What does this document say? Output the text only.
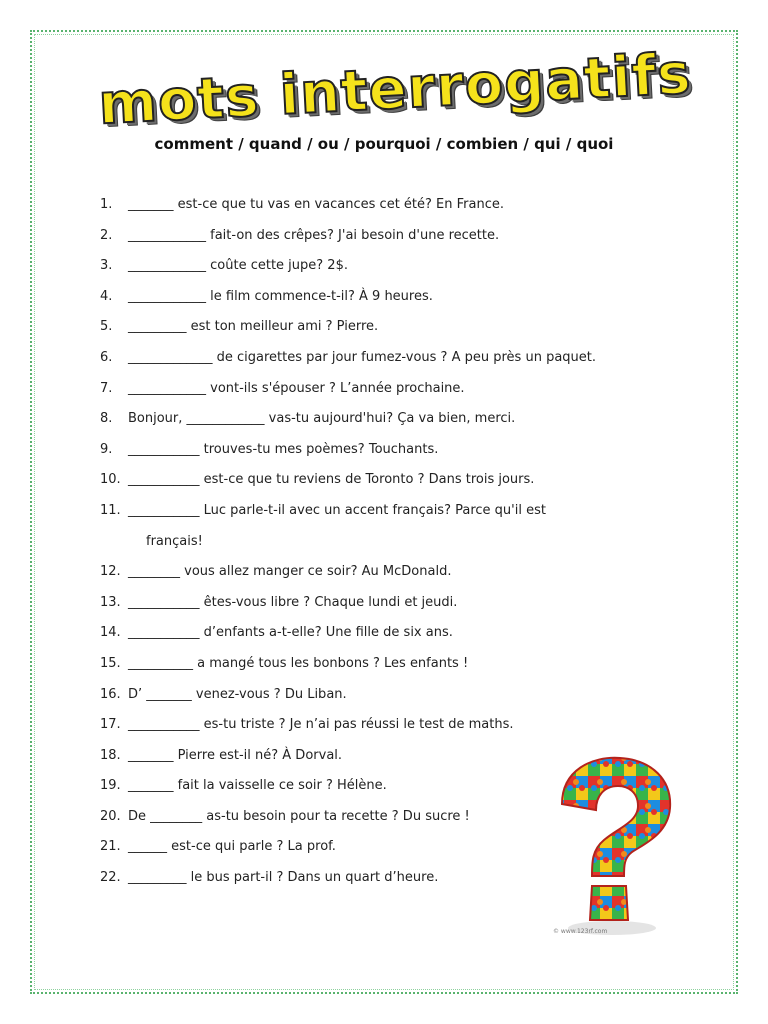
mots interrogatifs
comment / quand / ou / pourquoi / combien / qui / quoi
1. _______ est-ce que tu vas en vacances cet été? En France.
2. ____________ fait-on des crêpes? J'ai besoin d'une recette.
3. ____________ coûte cette jupe? 2$.
4. ____________ le film commence-t-il? À 9 heures.
5. _________ est ton meilleur ami ? Pierre.
6. _____________ de cigarettes par jour fumez-vous ? A peu près un paquet.
7. ____________ vont-ils s'épouser ? L’année prochaine.
8. Bonjour, ____________ vas-tu aujourd'hui? Ça va bien, merci.
9. ___________ trouves-tu mes poèmes? Touchants.
10. ___________ est-ce que tu reviens de Toronto ? Dans trois jours.
11. ___________ Luc parle-t-il avec un accent français? Parce qu'il est
français!
12. ________ vous allez manger ce soir? Au McDonald.
13. ___________ êtes-vous libre ? Chaque lundi et jeudi.
14. ___________ d’enfants a-t-elle? Une fille de six ans.
15. __________ a mangé tous les bonbons ? Les enfants !
16. D’ _______ venez-vous ? Du Liban.
17. ___________ es-tu triste ? Je n’ai pas réussi le test de maths.
18. _______ Pierre est-il né? À Dorval.
19. _______ fait la vaisselle ce soir ? Hélène.
20. De ________ as-tu besoin pour ta recette ? Du sucre !
21. ______ est-ce qui parle ? La prof.
22. _________ le bus part-il ? Dans un quart d’heure.
© www.123rf.com
